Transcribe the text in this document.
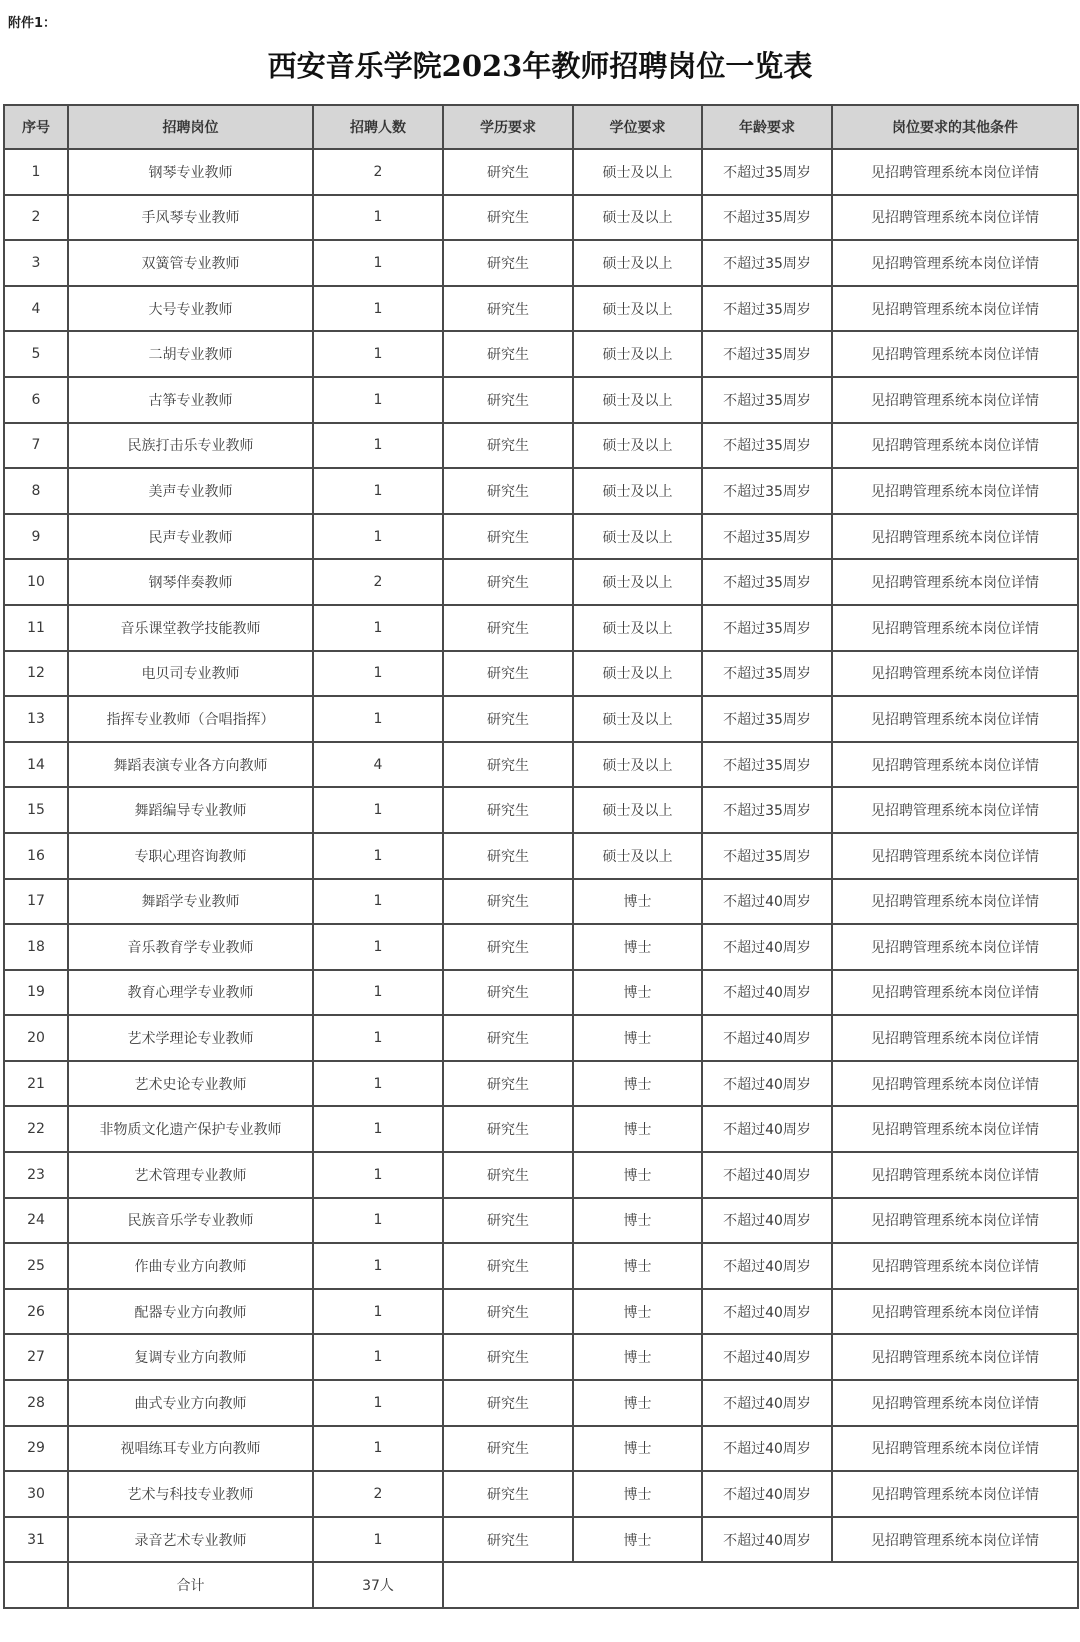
附件1：
西安音乐学院2023年教师招聘岗位一览表
序号	招聘岗位	招聘人数	学历要求	学位要求	年龄要求	岗位要求的其他条件
1	钢琴专业教师	2	研究生	硕士及以上	不超过35周岁	见招聘管理系统本岗位详情
2	手风琴专业教师	1	研究生	硕士及以上	不超过35周岁	见招聘管理系统本岗位详情
3	双簧管专业教师	1	研究生	硕士及以上	不超过35周岁	见招聘管理系统本岗位详情
4	大号专业教师	1	研究生	硕士及以上	不超过35周岁	见招聘管理系统本岗位详情
5	二胡专业教师	1	研究生	硕士及以上	不超过35周岁	见招聘管理系统本岗位详情
6	古筝专业教师	1	研究生	硕士及以上	不超过35周岁	见招聘管理系统本岗位详情
7	民族打击乐专业教师	1	研究生	硕士及以上	不超过35周岁	见招聘管理系统本岗位详情
8	美声专业教师	1	研究生	硕士及以上	不超过35周岁	见招聘管理系统本岗位详情
9	民声专业教师	1	研究生	硕士及以上	不超过35周岁	见招聘管理系统本岗位详情
10	钢琴伴奏教师	2	研究生	硕士及以上	不超过35周岁	见招聘管理系统本岗位详情
11	音乐课堂教学技能教师	1	研究生	硕士及以上	不超过35周岁	见招聘管理系统本岗位详情
12	电贝司专业教师	1	研究生	硕士及以上	不超过35周岁	见招聘管理系统本岗位详情
13	指挥专业教师（合唱指挥）	1	研究生	硕士及以上	不超过35周岁	见招聘管理系统本岗位详情
14	舞蹈表演专业各方向教师	4	研究生	硕士及以上	不超过35周岁	见招聘管理系统本岗位详情
15	舞蹈编导专业教师	1	研究生	硕士及以上	不超过35周岁	见招聘管理系统本岗位详情
16	专职心理咨询教师	1	研究生	硕士及以上	不超过35周岁	见招聘管理系统本岗位详情
17	舞蹈学专业教师	1	研究生	博士	不超过40周岁	见招聘管理系统本岗位详情
18	音乐教育学专业教师	1	研究生	博士	不超过40周岁	见招聘管理系统本岗位详情
19	教育心理学专业教师	1	研究生	博士	不超过40周岁	见招聘管理系统本岗位详情
20	艺术学理论专业教师	1	研究生	博士	不超过40周岁	见招聘管理系统本岗位详情
21	艺术史论专业教师	1	研究生	博士	不超过40周岁	见招聘管理系统本岗位详情
22	非物质文化遗产保护专业教师	1	研究生	博士	不超过40周岁	见招聘管理系统本岗位详情
23	艺术管理专业教师	1	研究生	博士	不超过40周岁	见招聘管理系统本岗位详情
24	民族音乐学专业教师	1	研究生	博士	不超过40周岁	见招聘管理系统本岗位详情
25	作曲专业方向教师	1	研究生	博士	不超过40周岁	见招聘管理系统本岗位详情
26	配器专业方向教师	1	研究生	博士	不超过40周岁	见招聘管理系统本岗位详情
27	复调专业方向教师	1	研究生	博士	不超过40周岁	见招聘管理系统本岗位详情
28	曲式专业方向教师	1	研究生	博士	不超过40周岁	见招聘管理系统本岗位详情
29	视唱练耳专业方向教师	1	研究生	博士	不超过40周岁	见招聘管理系统本岗位详情
30	艺术与科技专业教师	2	研究生	博士	不超过40周岁	见招聘管理系统本岗位详情
31	录音艺术专业教师	1	研究生	博士	不超过40周岁	见招聘管理系统本岗位详情
	合计	37人				
